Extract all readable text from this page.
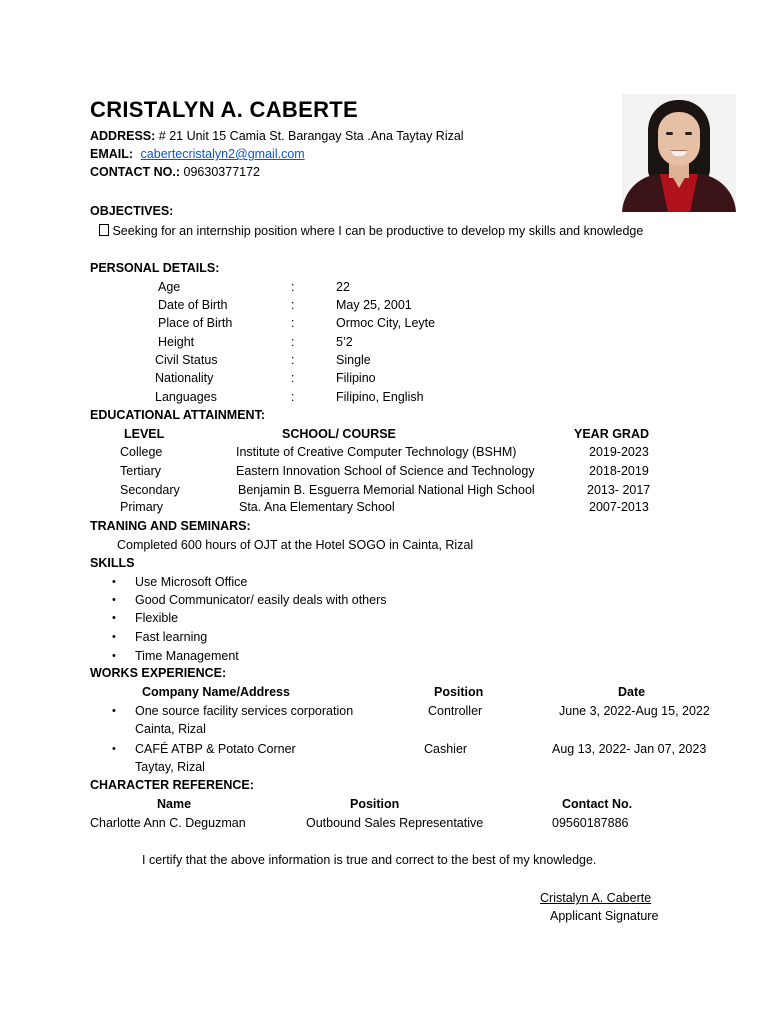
CRISTALYN A. CABERTE
ADDRESS: # 21 Unit 15 Camia St. Barangay Sta .Ana Taytay Rizal
EMAIL: cabertecristalyn2@gmail.com
CONTACT NO.: 09630377172
OBJECTIVES:
Seeking for an internship position where I can be productive to develop my skills and knowledge
PERSONAL DETAILS:
Age	:	22
Date of Birth	:	May 25, 2001
Place of Birth	:	Ormoc City, Leyte
Height	:	5’2
Civil Status	:	Single
Nationality	:	Filipino
Languages	:	Filipino, English
EDUCATIONAL ATTAINMENT:
LEVEL	SCHOOL/ COURSE	YEAR GRAD
College	Institute of Creative Computer Technology (BSHM)	2019-2023
Tertiary	Eastern Innovation School of Science and Technology	2018-2019
Secondary	Benjamin B. Esguerra Memorial National High School	2013- 2017
Primary	Sta. Ana Elementary School	2007-2013
TRANING AND SEMINARS:
Completed 600 hours of OJT at the Hotel SOGO in Cainta, Rizal
SKILLS
• Use Microsoft Office
• Good Communicator/ easily deals with others
• Flexible
• Fast learning
• Time Management
WORKS EXPERIENCE:
Company Name/Address	Position	Date
• One source facility services corporation
Cainta, Rizal
Controller	June 3, 2022-Aug 15, 2022
• CAFÉ ATBP & Potato Corner
Taytay, Rizal
Cashier	Aug 13, 2022- Jan 07, 2023
CHARACTER REFERENCE:
Name	Position	Contact No.
Charlotte Ann C. Deguzman	Outbound Sales Representative	09560187886
I certify that the above information is true and correct to the best of my knowledge.
Cristalyn A. Caberte
Applicant Signature
